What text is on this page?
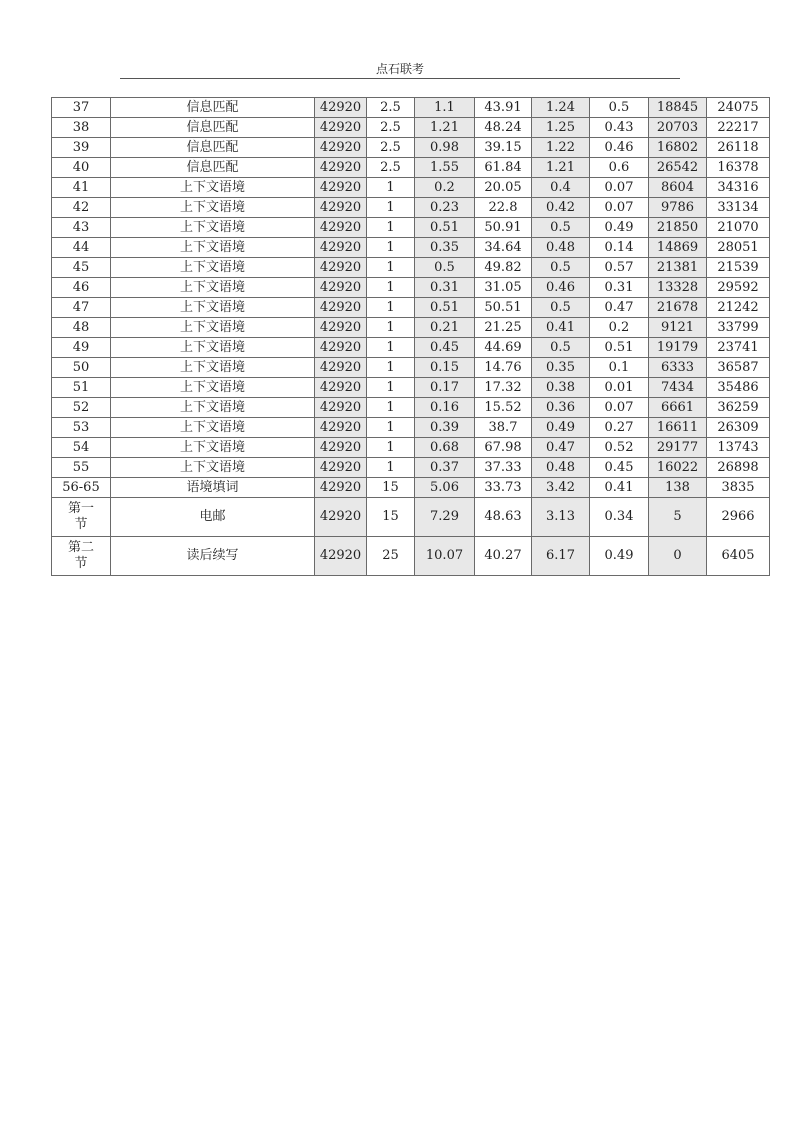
点石联考
37	信息匹配	42920	2.5	1.1	43.91	1.24	0.5	18845	24075
38	信息匹配	42920	2.5	1.21	48.24	1.25	0.43	20703	22217
39	信息匹配	42920	2.5	0.98	39.15	1.22	0.46	16802	26118
40	信息匹配	42920	2.5	1.55	61.84	1.21	0.6	26542	16378
41	上下文语境	42920	1	0.2	20.05	0.4	0.07	8604	34316
42	上下文语境	42920	1	0.23	22.8	0.42	0.07	9786	33134
43	上下文语境	42920	1	0.51	50.91	0.5	0.49	21850	21070
44	上下文语境	42920	1	0.35	34.64	0.48	0.14	14869	28051
45	上下文语境	42920	1	0.5	49.82	0.5	0.57	21381	21539
46	上下文语境	42920	1	0.31	31.05	0.46	0.31	13328	29592
47	上下文语境	42920	1	0.51	50.51	0.5	0.47	21678	21242
48	上下文语境	42920	1	0.21	21.25	0.41	0.2	9121	33799
49	上下文语境	42920	1	0.45	44.69	0.5	0.51	19179	23741
50	上下文语境	42920	1	0.15	14.76	0.35	0.1	6333	36587
51	上下文语境	42920	1	0.17	17.32	0.38	0.01	7434	35486
52	上下文语境	42920	1	0.16	15.52	0.36	0.07	6661	36259
53	上下文语境	42920	1	0.39	38.7	0.49	0.27	16611	26309
54	上下文语境	42920	1	0.68	67.98	0.47	0.52	29177	13743
55	上下文语境	42920	1	0.37	37.33	0.48	0.45	16022	26898
56-65	语境填词	42920	15	5.06	33.73	3.42	0.41	138	3835
第一
节	电邮	42920	15	7.29	48.63	3.13	0.34	5	2966
第二
节	读后续写	42920	25	10.07	40.27	6.17	0.49	0	6405
